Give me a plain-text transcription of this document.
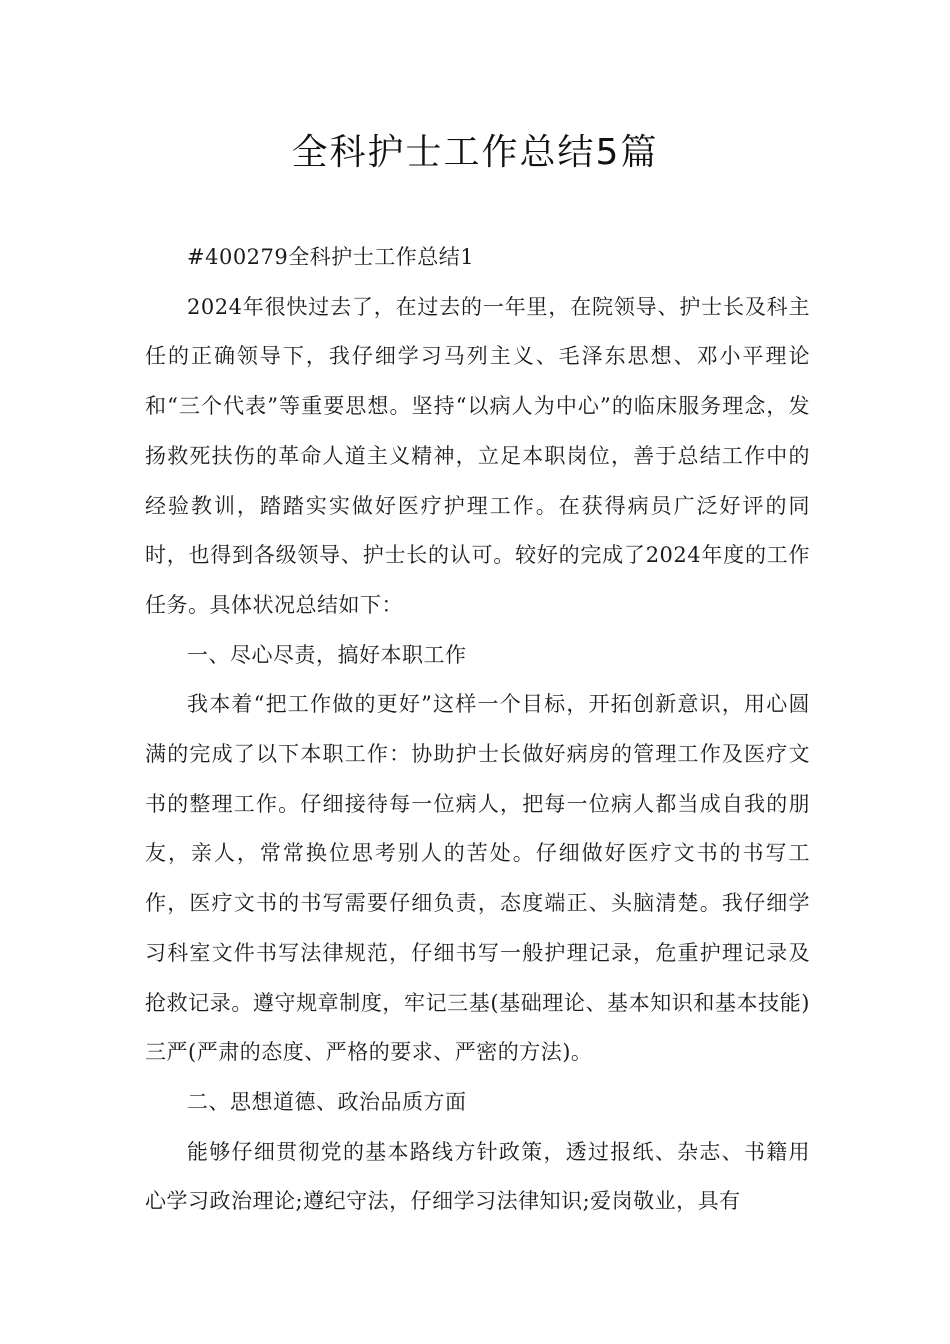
全科护士工作总结5篇

#400279全科护士工作总结1

2024年很快过去了，在过去的一年里，在院领导、护士长及科主任的正确领导下，我仔细学习马列主义、毛泽东思想、邓小平理论和“三个代表”等重要思想。坚持“以病人为中心”的临床服务理念，发扬救死扶伤的革命人道主义精神，立足本职岗位，善于总结工作中的经验教训，踏踏实实做好医疗护理工作。在获得病员广泛好评的同时，也得到各级领导、护士长的认可。较好的完成了2024年度的工作任务。具体状况总结如下：

一、尽心尽责，搞好本职工作

我本着“把工作做的更好”这样一个目标，开拓创新意识，用心圆满的完成了以下本职工作：协助护士长做好病房的管理工作及医疗文书的整理工作。仔细接待每一位病人，把每一位病人都当成自我的朋友，亲人，常常换位思考别人的苦处。仔细做好医疗文书的书写工作，医疗文书的书写需要仔细负责，态度端正、头脑清楚。我仔细学习科室文件书写法律规范，仔细书写一般护理记录，危重护理记录及抢救记录。遵守规章制度，牢记三基(基础理论、基本知识和基本技能)三严(严肃的态度、严格的要求、严密的方法)。

二、思想道德、政治品质方面

能够仔细贯彻党的基本路线方针政策，透过报纸、杂志、书籍用心学习政治理论;遵纪守法，仔细学习法律知识;爱岗敬业，具有
